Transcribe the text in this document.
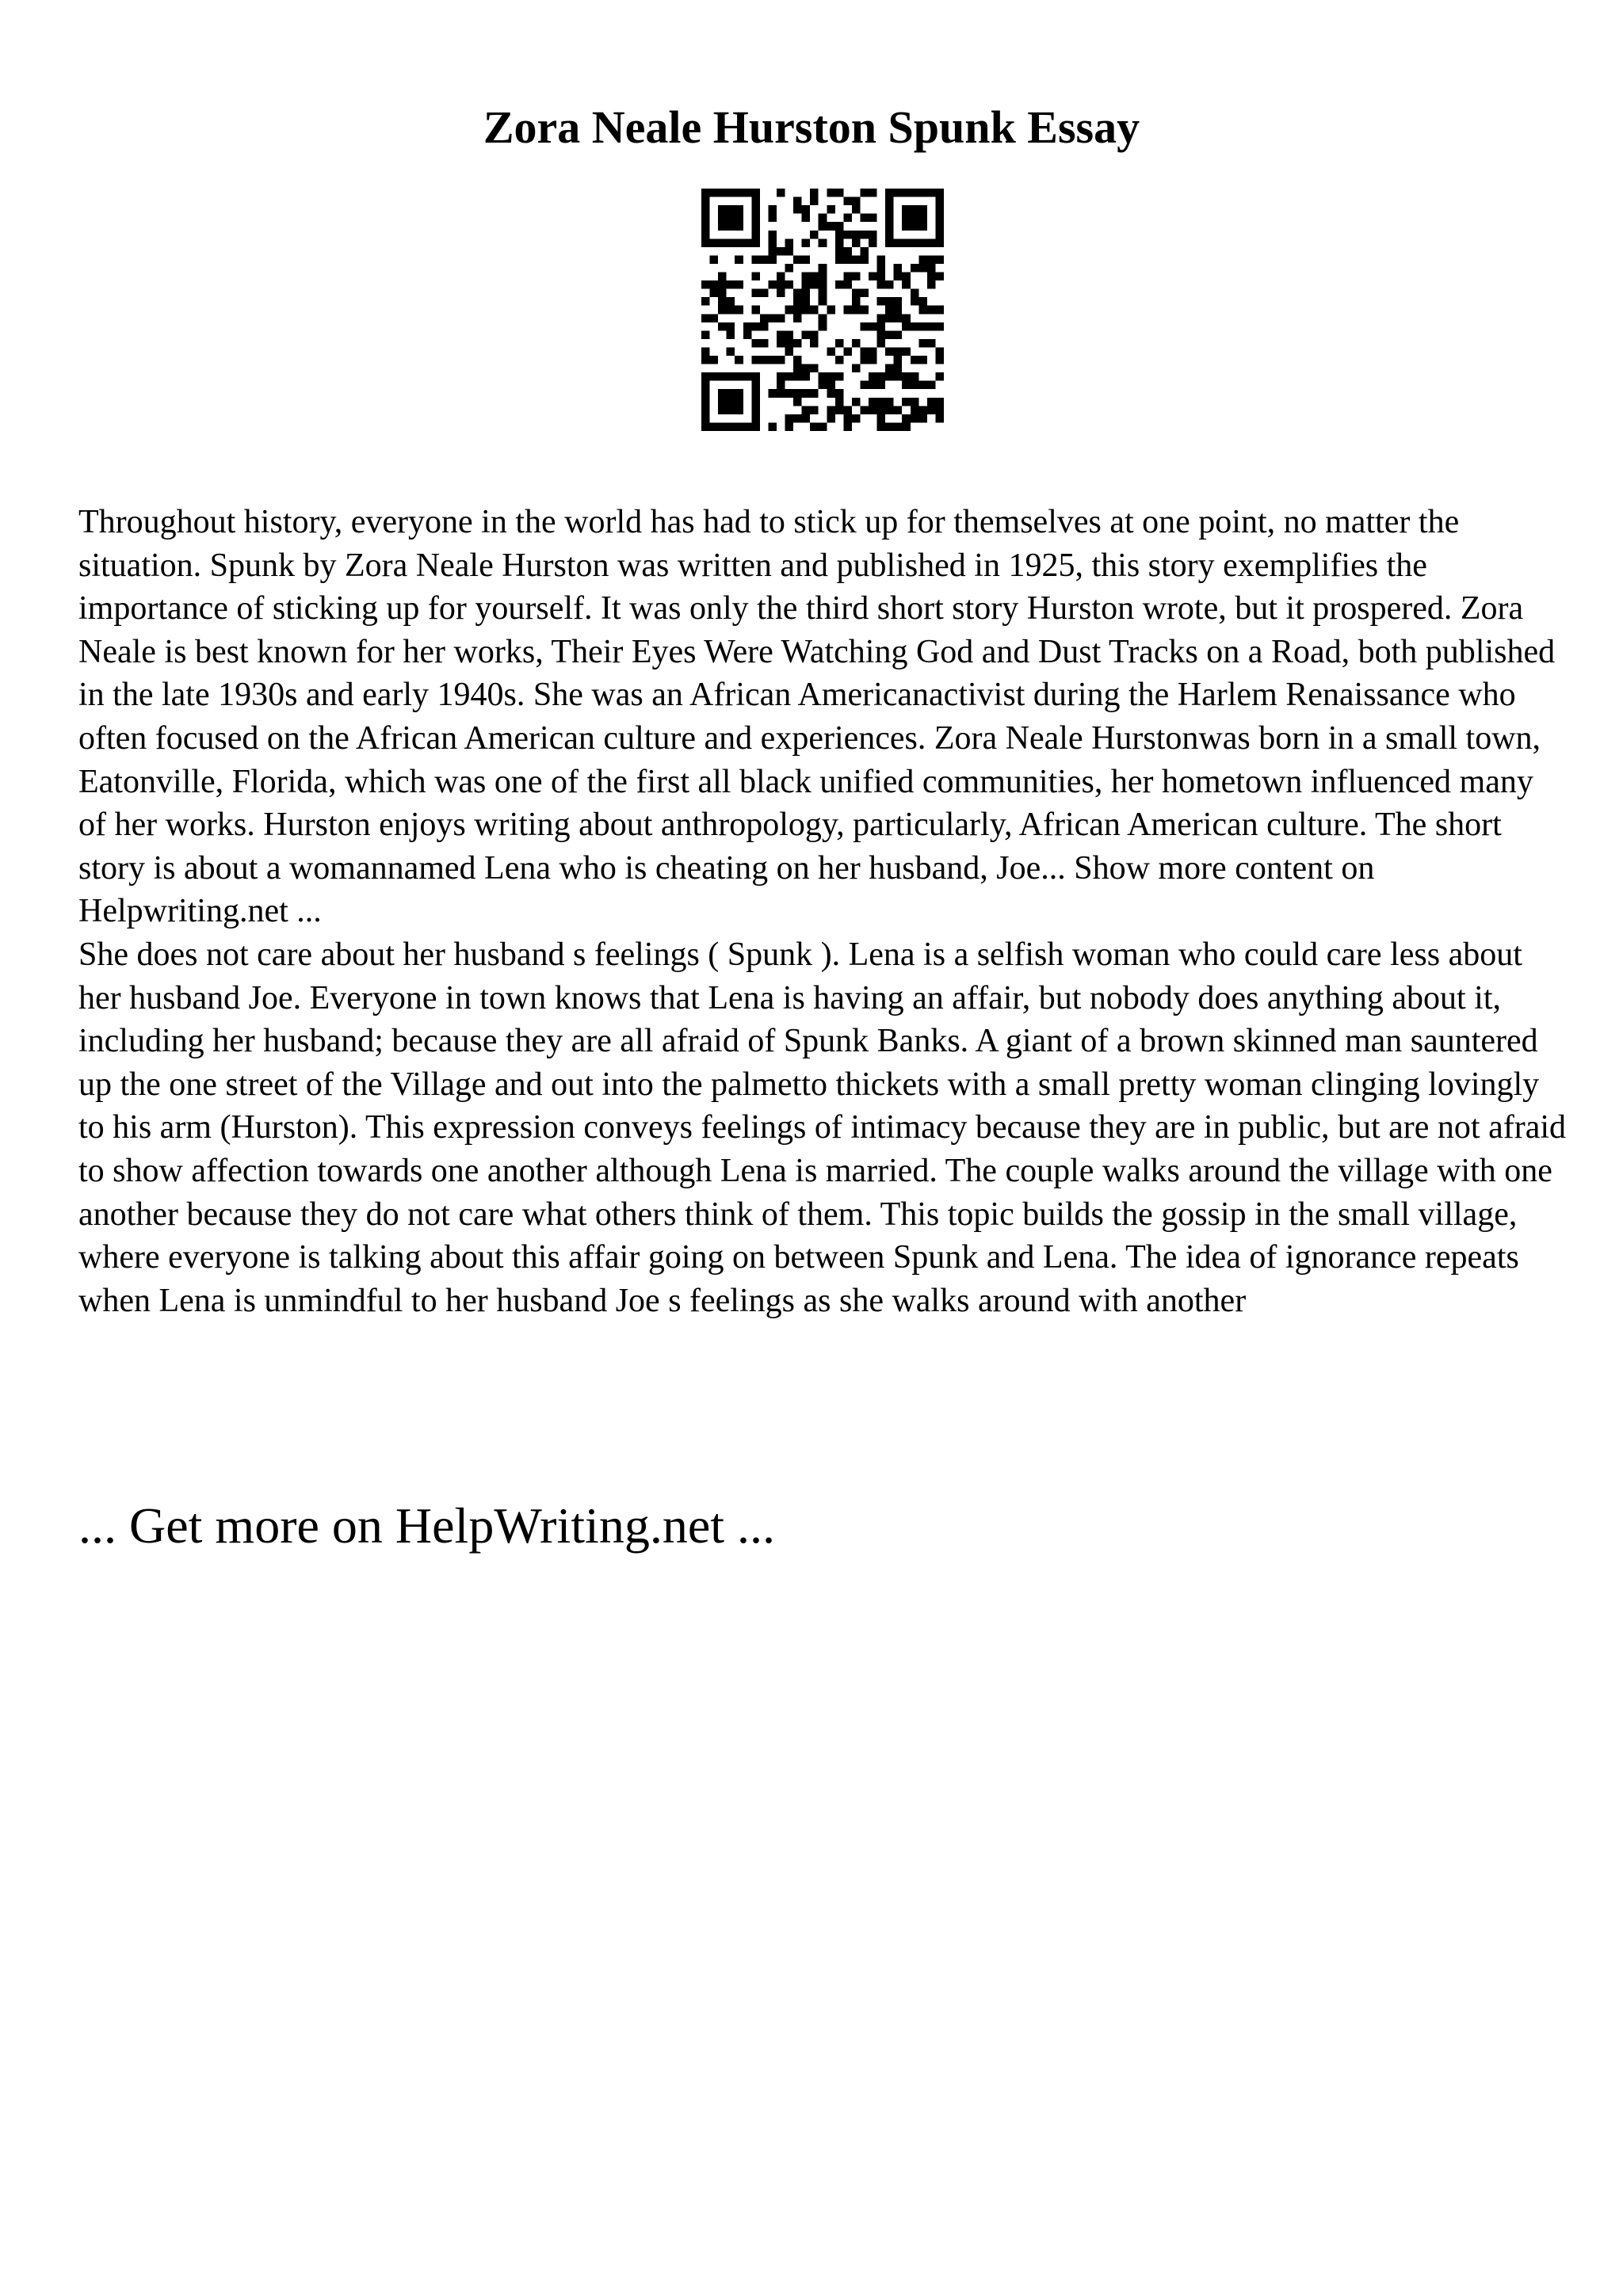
Zora Neale Hurston Spunk Essay

Throughout history, everyone in the world has had to stick up for themselves at one point, no matter the situation. Spunk by Zora Neale Hurston was written and published in 1925, this story exemplifies the importance of sticking up for yourself. It was only the third short story Hurston wrote, but it prospered. Zora Neale is best known for her works, Their Eyes Were Watching God and Dust Tracks on a Road, both published in the late 1930s and early 1940s. She was an African Americanactivist during the Harlem Renaissance who often focused on the African American culture and experiences. Zora Neale Hurstonwas born in a small town, Eatonville, Florida, which was one of the first all black unified communities, her hometown influenced many of her works. Hurston enjoys writing about anthropology, particularly, African American culture. The short story is about a womannamed Lena who is cheating on her husband, Joe... Show more content on Helpwriting.net ...

She does not care about her husband s feelings ( Spunk ). Lena is a selfish woman who could care less about her husband Joe. Everyone in town knows that Lena is having an affair, but nobody does anything about it, including her husband; because they are all afraid of Spunk Banks. A giant of a brown skinned man sauntered up the one street of the Village and out into the palmetto thickets with a small pretty woman clinging lovingly to his arm (Hurston). This expression conveys feelings of intimacy because they are in public, but are not afraid to show affection towards one another although Lena is married. The couple walks around the village with one another because they do not care what others think of them. This topic builds the gossip in the small village, where everyone is talking about this affair going on between Spunk and Lena. The idea of ignorance repeats when Lena is unmindful to her husband Joe s feelings as she walks around with another

... Get more on HelpWriting.net ...
